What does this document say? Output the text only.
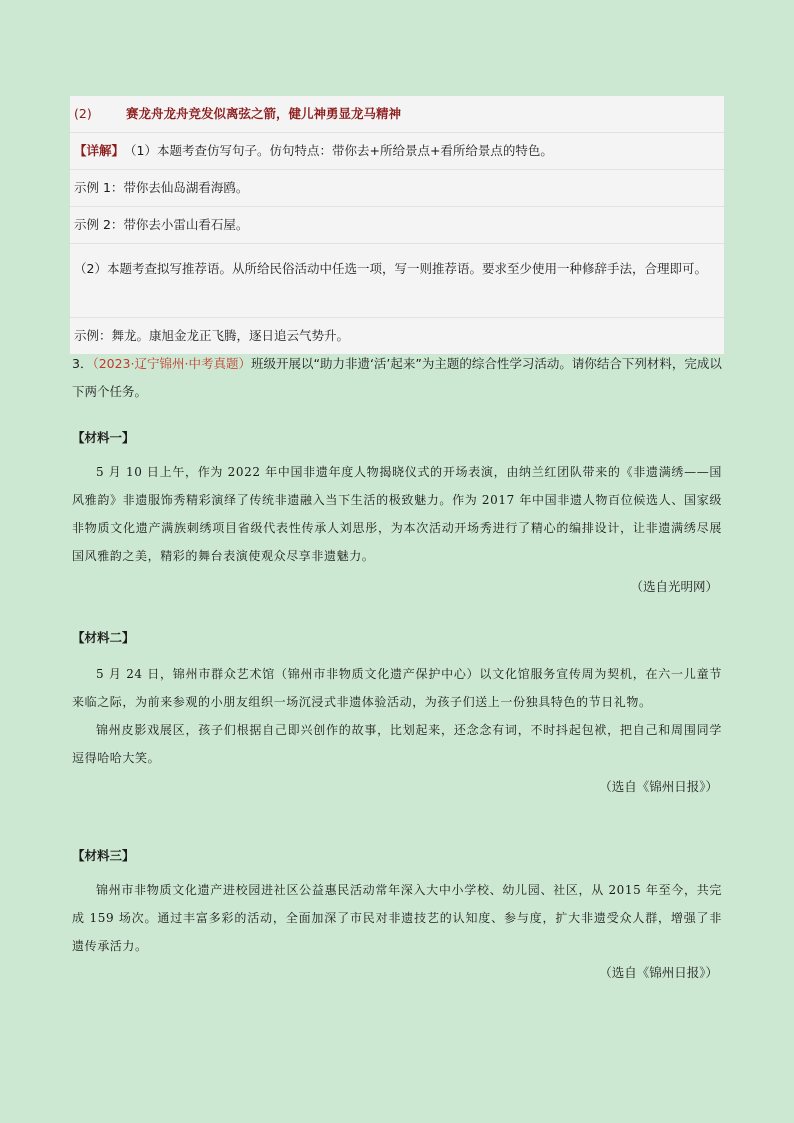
(2)	赛龙舟龙舟竞发似离弦之箭，健儿神勇显龙马精神
【详解】 （1）本题考查仿写句子。仿句特点：带你去+所给景点+看所给景点的特色。
示例 1：带你去仙岛湖看海鸥。
示例 2：带你去小雷山看石屋。
（2）本题考查拟写推荐语。从所给民俗活动中任选一项，写一则推荐语。要求至少使用一种修辞手法，合理即可。
示例：舞龙。康旭金龙正飞腾，逐日追云气势升。
3．（2023·辽宁锦州·中考真题）班级开展以“助力非遗‘活’起来”为主题的综合性学习活动。请你结合下列材料，完成以下两个任务。
【材料一】
5 月 10 日上午，作为 2022 年中国非遗年度人物揭晓仪式的开场表演，由纳兰红团队带来的《非遗满绣——国风雅韵》非遗服饰秀精彩演绎了传统非遗融入当下生活的极致魅力。作为 2017 年中国非遗人物百位候选人、国家级非物质文化遗产满族刺绣项目省级代表性传承人刘思彤，为本次活动开场秀进行了精心的编排设计，让非遗满绣尽展国风雅韵之美，精彩的舞台表演使观众尽享非遗魅力。
（选自光明网）
【材料二】
5 月 24 日，锦州市群众艺术馆（锦州市非物质文化遗产保护中心）以文化馆服务宣传周为契机，在六一儿童节来临之际，为前来参观的小朋友组织一场沉浸式非遗体验活动，为孩子们送上一份独具特色的节日礼物。
锦州皮影戏展区，孩子们根据自己即兴创作的故事，比划起来，还念念有词，不时抖起包袱，把自己和周围同学逗得哈哈大笑。
（选自《锦州日报》）
【材料三】
锦州市非物质文化遗产进校园进社区公益惠民活动常年深入大中小学校、幼儿园、社区，从 2015 年至今，共完成 159 场次。通过丰富多彩的活动，全面加深了市民对非遗技艺的认知度、参与度，扩大非遗受众人群，增强了非遗传承活力。
（选自《锦州日报》）
